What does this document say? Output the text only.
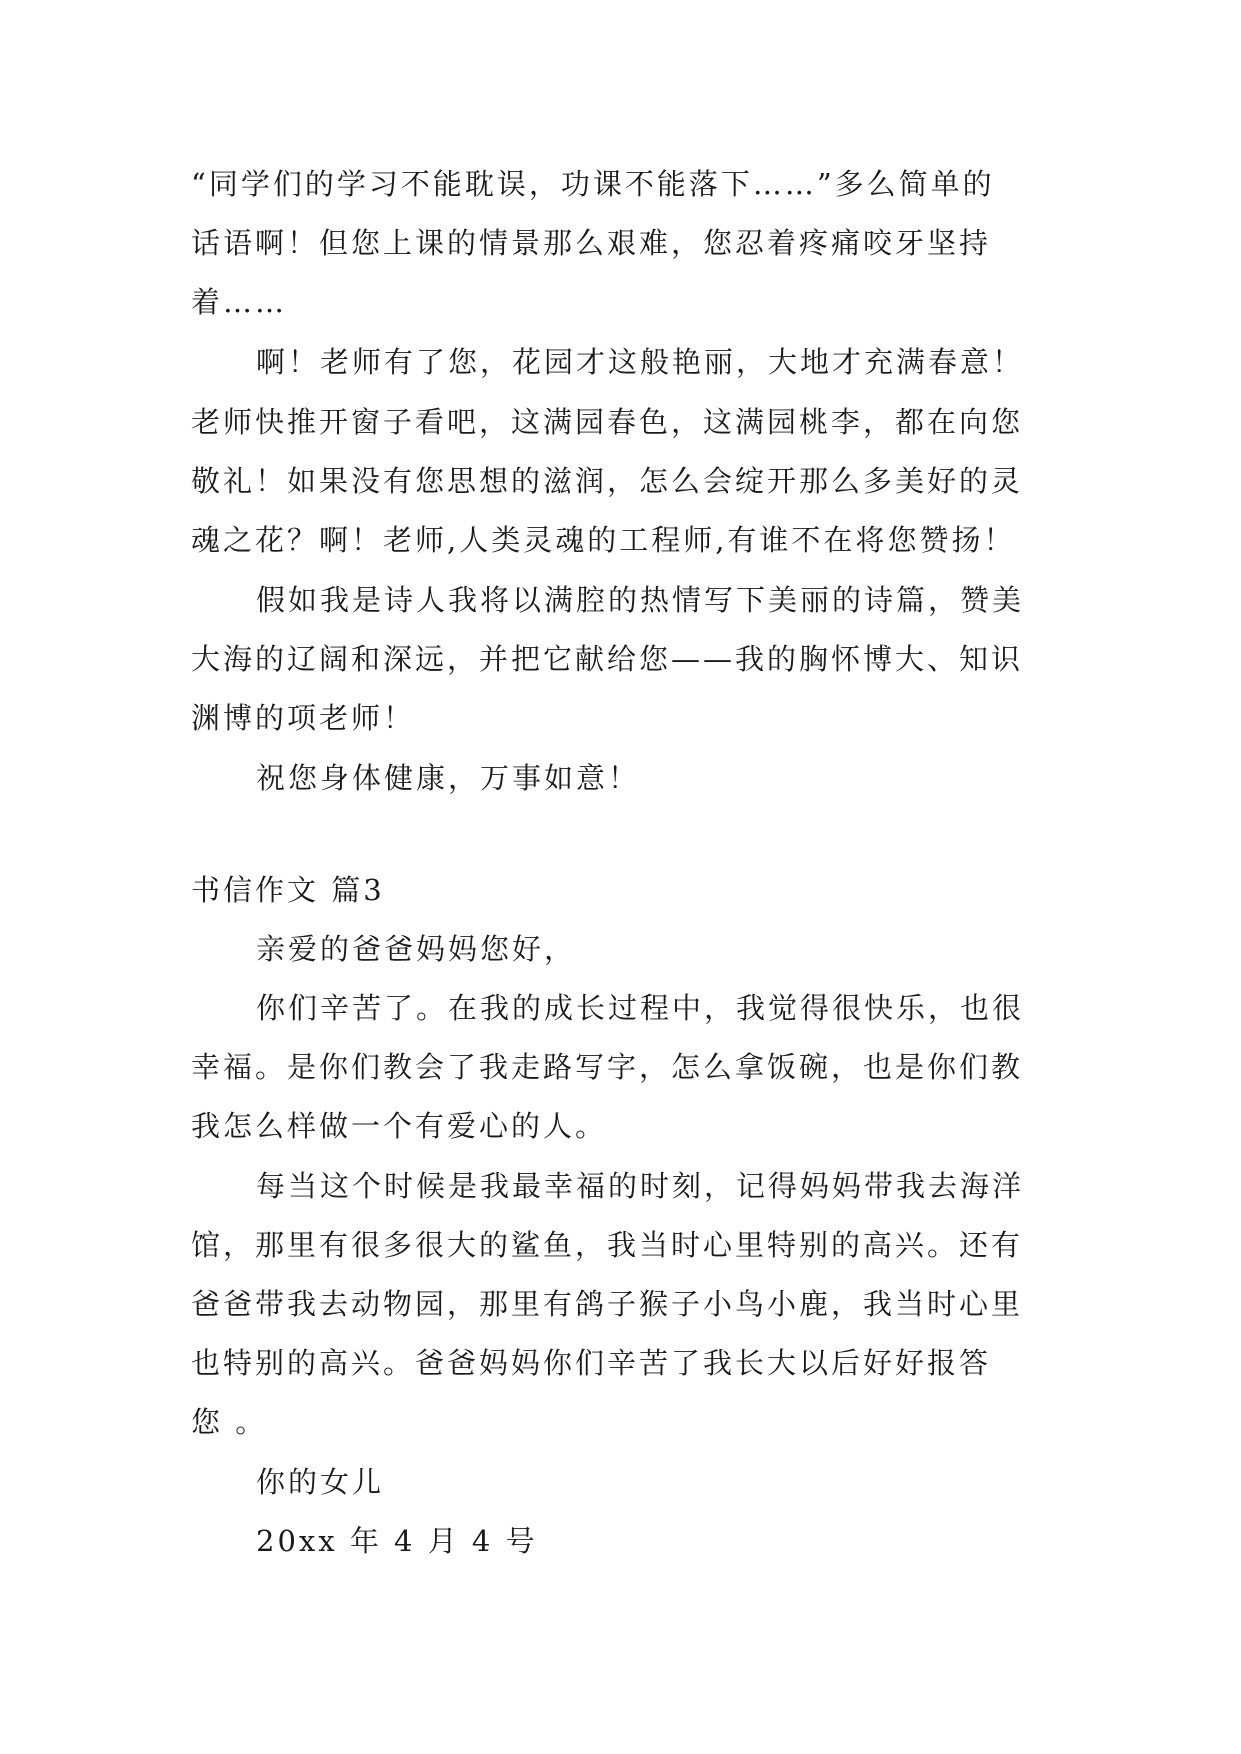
“同学们的学习不能耽误，功课不能落下……”多么简单的
话语啊！但您上课的情景那么艰难，您忍着疼痛咬牙坚持
着……
啊！老师有了您，花园才这般艳丽，大地才充满春意！
老师快推开窗子看吧，这满园春色，这满园桃李，都在向您
敬礼！如果没有您思想的滋润，怎么会绽开那么多美好的灵
魂之花？啊！老师,人类灵魂的工程师,有谁不在将您赞扬！
假如我是诗人我将以满腔的热情写下美丽的诗篇，赞美
大海的辽阔和深远，并把它献给您——我的胸怀博大、知识
渊博的项老师！
祝您身体健康，万事如意！
书信作文 篇3
亲爱的爸爸妈妈您好，
你们辛苦了。在我的成长过程中，我觉得很快乐，也很
幸福。是你们教会了我走路写字，怎么拿饭碗，也是你们教
我怎么样做一个有爱心的人。
每当这个时候是我最幸福的时刻，记得妈妈带我去海洋
馆，那里有很多很大的鲨鱼，我当时心里特别的高兴。还有
爸爸带我去动物园，那里有鸽子猴子小鸟小鹿，我当时心里
也特别的高兴。爸爸妈妈你们辛苦了我长大以后好好报答
您 。
你的女儿
20xx 年 4 月 4 号
